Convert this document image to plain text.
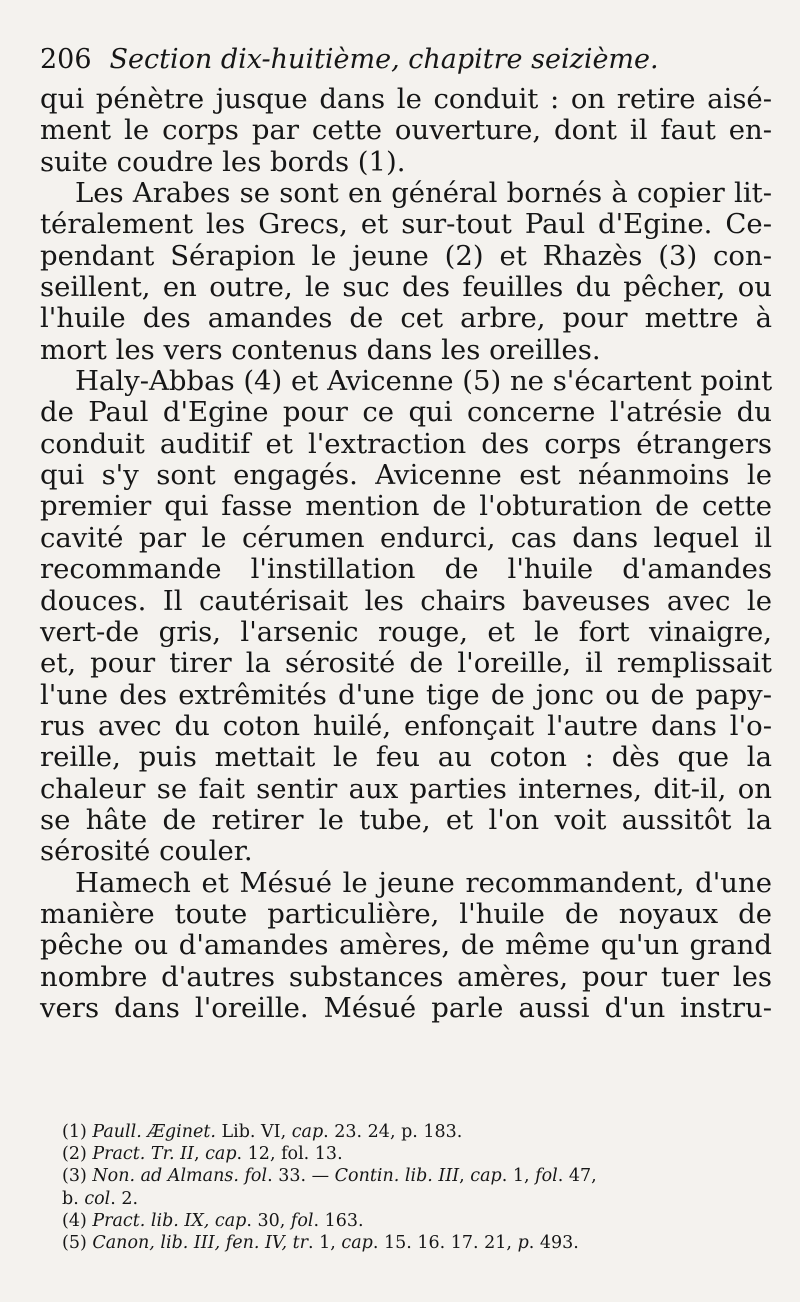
206 Section dix-huitième, chapitre seizième.
qui pénètre jusque dans le conduit : on retire aisé-
ment le corps par cette ouverture, dont il faut en-
suite coudre les bords (1).
Les Arabes se sont en général bornés à copier lit-
téralement les Grecs, et sur-tout Paul d'Egine. Ce-
pendant Sérapion le jeune (2) et Rhazès (3) con-
seillent, en outre, le suc des feuilles du pêcher, ou
l'huile des amandes de cet arbre, pour mettre à
mort les vers contenus dans les oreilles.
Haly-Abbas (4) et Avicenne (5) ne s'écartent point
de Paul d'Egine pour ce qui concerne l'atrésie du
conduit auditif et l'extraction des corps étrangers
qui s'y sont engagés. Avicenne est néanmoins le
premier qui fasse mention de l'obturation de cette
cavité par le cérumen endurci, cas dans lequel il
recommande l'instillation de l'huile d'amandes
douces. Il cautérisait les chairs baveuses avec le
vert-de gris, l'arsenic rouge, et le fort vinaigre,
et, pour tirer la sérosité de l'oreille, il remplissait
l'une des extrêmités d'une tige de jonc ou de papy-
rus avec du coton huilé, enfonçait l'autre dans l'o-
reille, puis mettait le feu au coton : dès que la
chaleur se fait sentir aux parties internes, dit-il, on
se hâte de retirer le tube, et l'on voit aussitôt la
sérosité couler.
Hamech et Mésué le jeune recommandent, d'une
manière toute particulière, l'huile de noyaux de
pêche ou d'amandes amères, de même qu'un grand
nombre d'autres substances amères, pour tuer les
vers dans l'oreille. Mésué parle aussi d'un instru-
(1) Paull. Æginet. Lib. VI, cap. 23. 24, p. 183.
(2) Pract. Tr. II, cap. 12, fol. 13.
(3) Non. ad Almans. fol. 33. — Contin. lib. III, cap. 1, fol. 47,
b. col. 2.
(4) Pract. lib. IX, cap. 30, fol. 163.
(5) Canon, lib. III, fen. IV, tr. 1, cap. 15. 16. 17. 21, p. 493.
